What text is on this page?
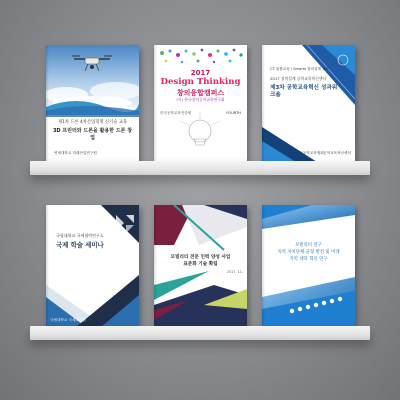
제1차 드론 4차산업혁명 신기술 교육
3D 프린터와 드론을 활용한 드론 창업
연세대학교 미래산업연구원
2017
Design Thinking
창의융합캠퍼스
(사) 한국창의공학교육연구회
한국공학교육인증원	FOURTH
CT 융합교육 / Smarts 창의설계 교육
2017 창의설계 공학교육혁신센터
제3차 공학교육혁신 성과워크숍
한국공학교육협회 공학교육혁신센터
국립대학교 국제협력연구소
국제 학술 세미나
국립대학교 국제교류원
모빌리티 전문 인력 양성 사업
표준화 기술 확립
2017. 11.
모빌리티 연구
지역 자치단체 균형 발전 및 미래
지역 대학 혁신 연구
